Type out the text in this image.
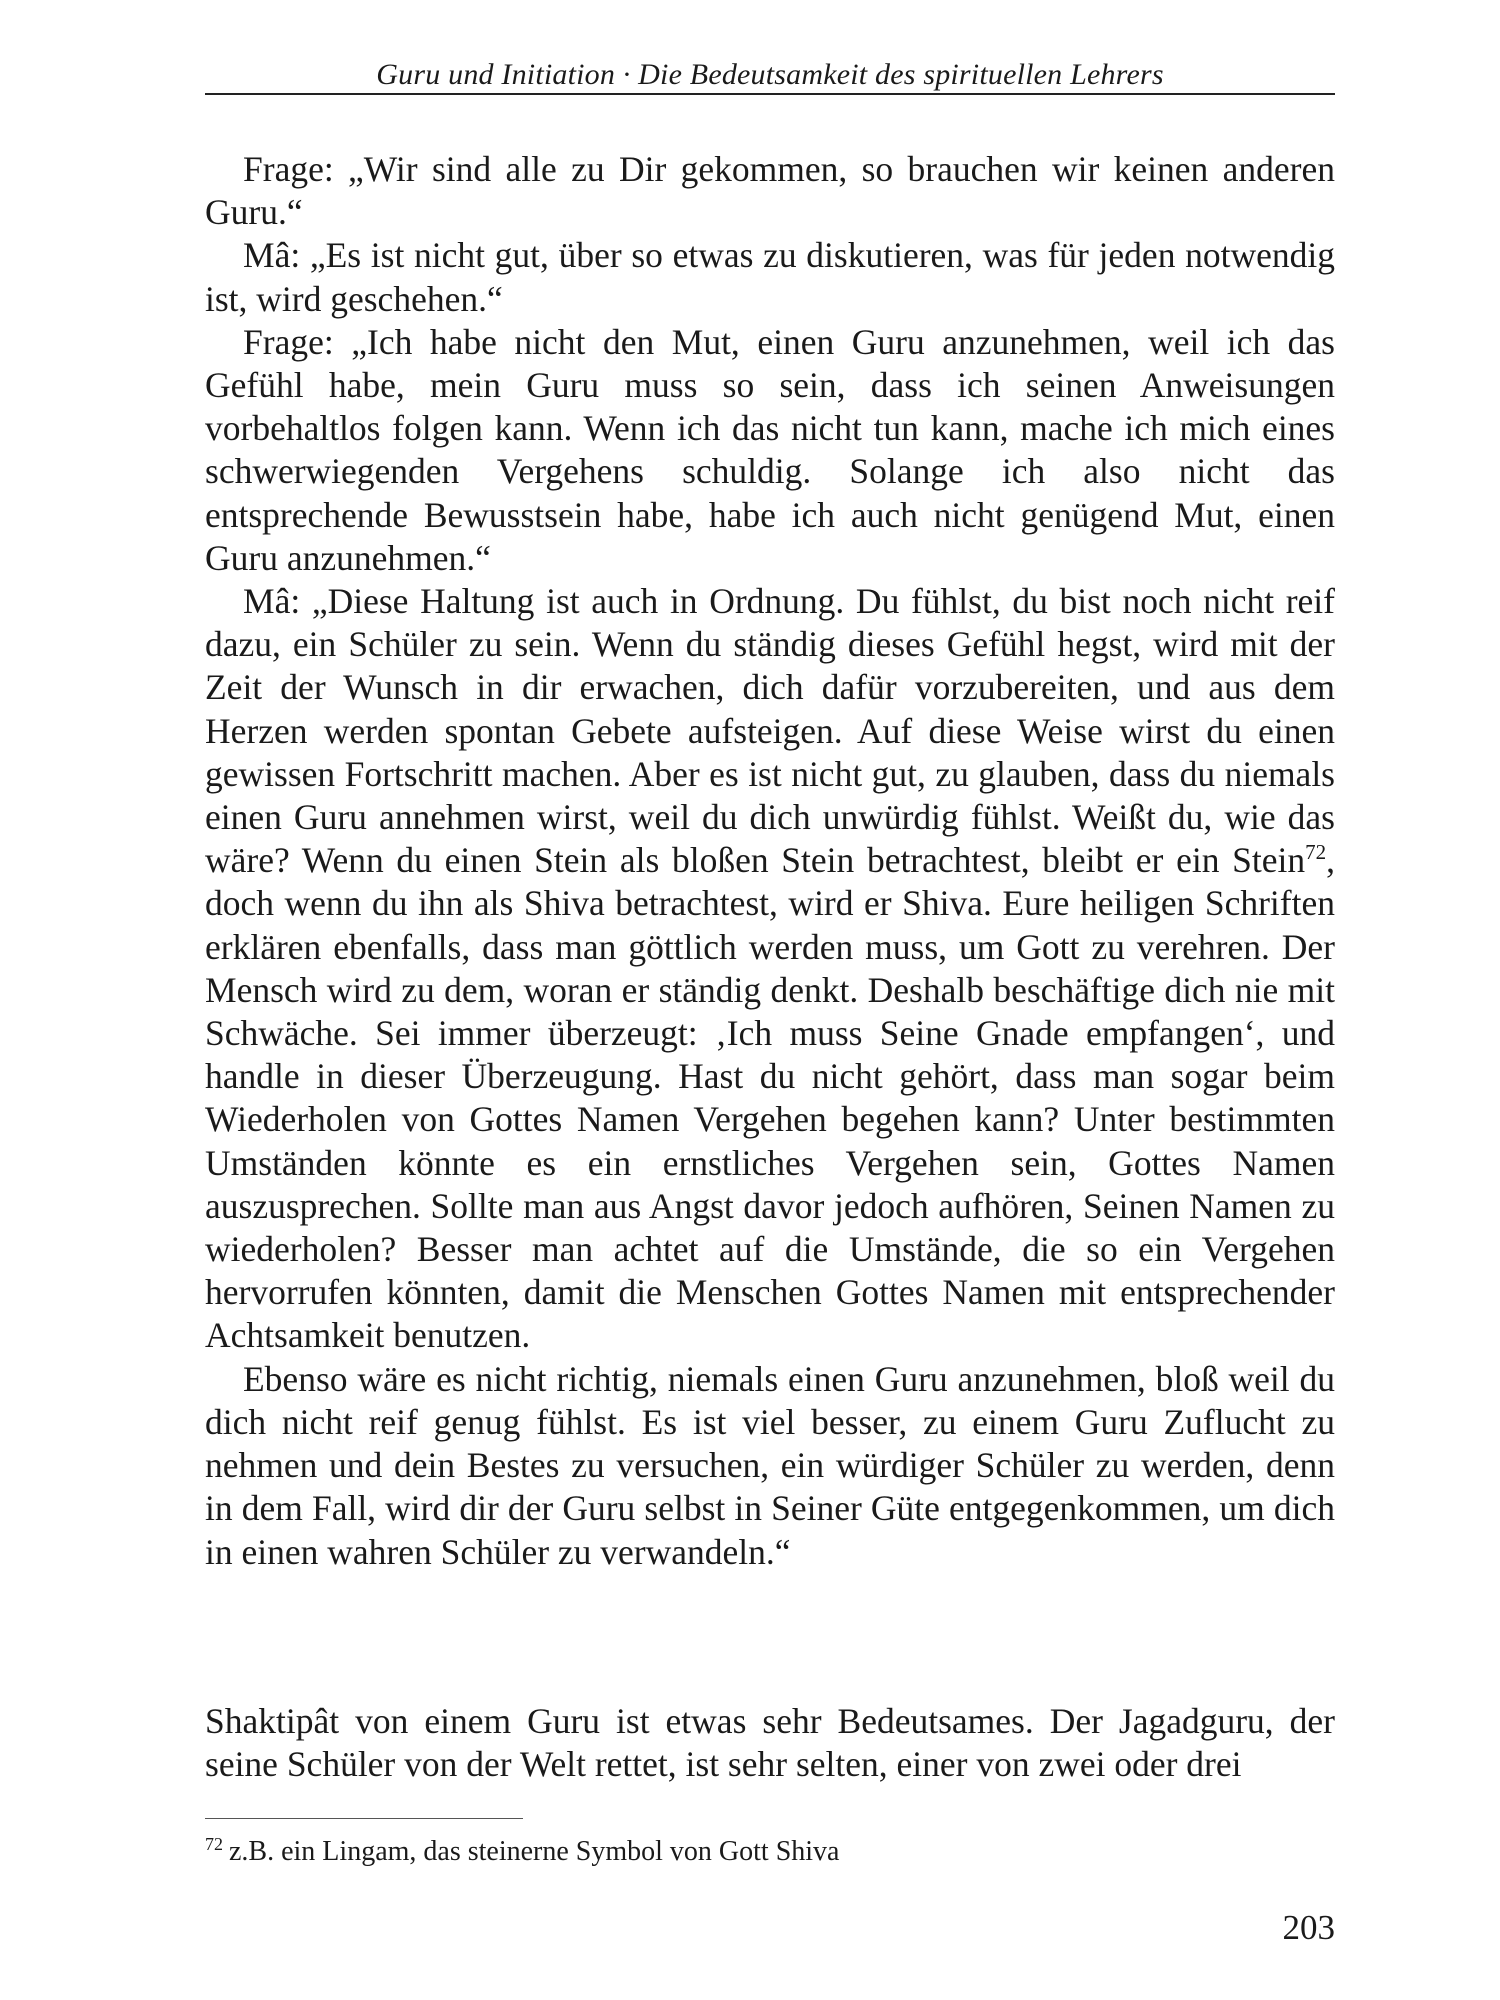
Guru und Initiation · Die Bedeutsamkeit des spirituellen Lehrers

Frage: „Wir sind alle zu Dir gekommen, so brauchen wir keinen anderen Guru.“

Mâ: „Es ist nicht gut, über so etwas zu diskutieren, was für jeden notwendig ist, wird geschehen.“

Frage: „Ich habe nicht den Mut, einen Guru anzunehmen, weil ich das Gefühl habe, mein Guru muss so sein, dass ich seinen Anweisungen vorbehaltlos folgen kann. Wenn ich das nicht tun kann, mache ich mich eines schwerwiegenden Vergehens schuldig. Solange ich also nicht das entsprechende Bewusstsein habe, habe ich auch nicht genügend Mut, einen Guru anzunehmen.“

Mâ: „Diese Haltung ist auch in Ordnung. Du fühlst, du bist noch nicht reif dazu, ein Schüler zu sein. Wenn du ständig dieses Gefühl hegst, wird mit der Zeit der Wunsch in dir erwachen, dich dafür vorzubereiten, und aus dem Herzen werden spontan Gebete aufsteigen. Auf diese Weise wirst du einen gewissen Fortschritt machen. Aber es ist nicht gut, zu glauben, dass du niemals einen Guru annehmen wirst, weil du dich unwürdig fühlst. Weißt du, wie das wäre? Wenn du einen Stein als bloßen Stein betrachtest, bleibt er ein Stein$^{72}$, doch wenn du ihn als Shiva betrachtest, wird er Shiva. Eure heiligen Schriften erklären ebenfalls, dass man göttlich werden muss, um Gott zu verehren. Der Mensch wird zu dem, woran er ständig denkt. Deshalb beschäftige dich nie mit Schwäche. Sei immer überzeugt: ‚Ich muss Seine Gnade empfangen‘, und handle in dieser Überzeugung. Hast du nicht gehört, dass man sogar beim Wiederholen von Gottes Namen Vergehen begehen kann? Unter bestimmten Umständen könnte es ein ernstliches Vergehen sein, Gottes Namen auszusprechen. Sollte man aus Angst davor jedoch aufhören, Seinen Namen zu wiederholen? Besser man achtet auf die Umstände, die so ein Vergehen hervorrufen könnten, damit die Menschen Gottes Namen mit entsprechender Achtsamkeit benutzen.

Ebenso wäre es nicht richtig, niemals einen Guru anzunehmen, bloß weil du dich nicht reif genug fühlst. Es ist viel besser, zu einem Guru Zuflucht zu nehmen und dein Bestes zu versuchen, ein würdiger Schüler zu werden, denn in dem Fall, wird dir der Guru selbst in Seiner Güte entgegenkommen, um dich in einen wahren Schüler zu verwandeln.“

Shaktipât von einem Guru ist etwas sehr Bedeutsames. Der Jagadguru, der seine Schüler von der Welt rettet, ist sehr selten, einer von zwei oder drei

$^{72}$ z.B. ein Lingam, das steinerne Symbol von Gott Shiva
203
